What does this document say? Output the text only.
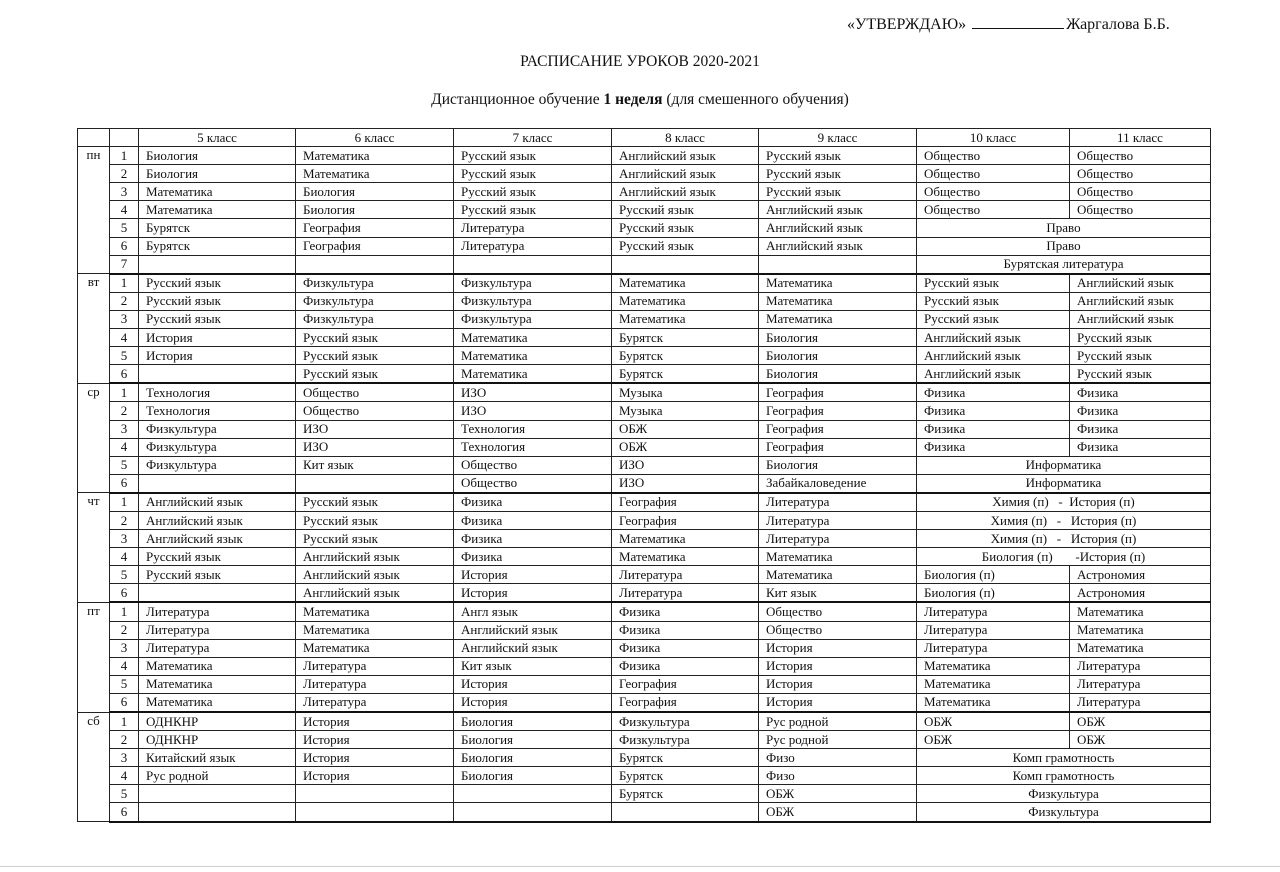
«УТВЕРЖДАЮ»	Жаргалова Б.Б.
РАСПИСАНИЕ УРОКОВ 2020-2021
Дистанционное обучение 1 неделя (для смешенного обучения)
		5 класс	6 класс	7 класс	8 класс	9 класс	10 класс	11 класс
пн	1	Биология	Математика	Русский язык	Английский язык	Русский язык	Общество	Общество
	2	Биология	Математика	Русский язык	Английский язык	Русский язык	Общество	Общество
	3	Математика	Биология	Русский язык	Английский язык	Русский язык	Общество	Общество
	4	Математика	Биология	Русский язык	Русский язык	Английский язык	Общество	Общество
	5	Бурятск	География	Литература	Русский язык	Английский язык	Право	
	6	Бурятск	География	Литература	Русский язык	Английский язык	Право	
	7						Бурятская литература	
вт	1	Русский язык	Физкультура	Физкультура	Математика	Математика	Русский язык	Английский язык
	2	Русский язык	Физкультура	Физкультура	Математика	Математика	Русский язык	Английский язык
	3	Русский язык	Физкультура	Физкультура	Математика	Математика	Русский язык	Английский язык
	4	История	Русский язык	Математика	Бурятск	Биология	Английский язык	Русский язык
	5	История	Русский язык	Математика	Бурятск	Биология	Английский язык	Русский язык
	6		Русский язык	Математика	Бурятск	Биология	Английский язык	Русский язык
ср	1	Технология	Общество	ИЗО	Музыка	География	Физика	Физика
	2	Технология	Общество	ИЗО	Музыка	География	Физика	Физика
	3	Физкультура	ИЗО	Технология	ОБЖ	География	Физика	Физика
	4	Физкультура	ИЗО	Технология	ОБЖ	География	Физика	Физика
	5	Физкультура	Кит язык	Общество	ИЗО	Биология	Информатика	
	6			Общество	ИЗО	Забайкаловедение	Информатика	
чт	1	Английский язык	Русский язык	Физика	География	Литература	Химия (п)   -  История (п)	
	2	Английский язык	Русский язык	Физика	География	Литература	Химия (п)   -   История (п)	
	3	Английский язык	Русский язык	Физика	Математика	Литература	Химия (п)   -   История (п)	
	4	Русский язык	Английский язык	Физика	Математика	Математика	Биология (п)       -История (п)	
	5	Русский язык	Английский язык	История	Литература	Математика	Биология (п)	Астрономия
	6		Английский язык	История	Литература	Кит язык	Биология (п)	Астрономия
пт	1	Литература	Математика	Англ язык	Физика	Общество	Литература	Математика
	2	Литература	Математика	Английский язык	Физика	Общество	Литература	Математика
	3	Литература	Математика	Английский язык	Физика	История	Литература	Математика
	4	Математика	Литература	Кит язык	Физика	История	Математика	Литература
	5	Математика	Литература	История	География	История	Математика	Литература
	6	Математика	Литература	История	География	История	Математика	Литература
сб	1	ОДНКНР	История	Биология	Физкультура	Рус родной	ОБЖ	ОБЖ
	2	ОДНКНР	История	Биология	Физкультура	Рус родной	ОБЖ	ОБЖ
	3	Китайский язык	История	Биология	Бурятск	Физо	Комп грамотность	
	4	Рус родной	История	Биология	Бурятск	Физо	Комп грамотность	
	5				Бурятск	ОБЖ	Физкультура	
	6					ОБЖ	Физкультура	
